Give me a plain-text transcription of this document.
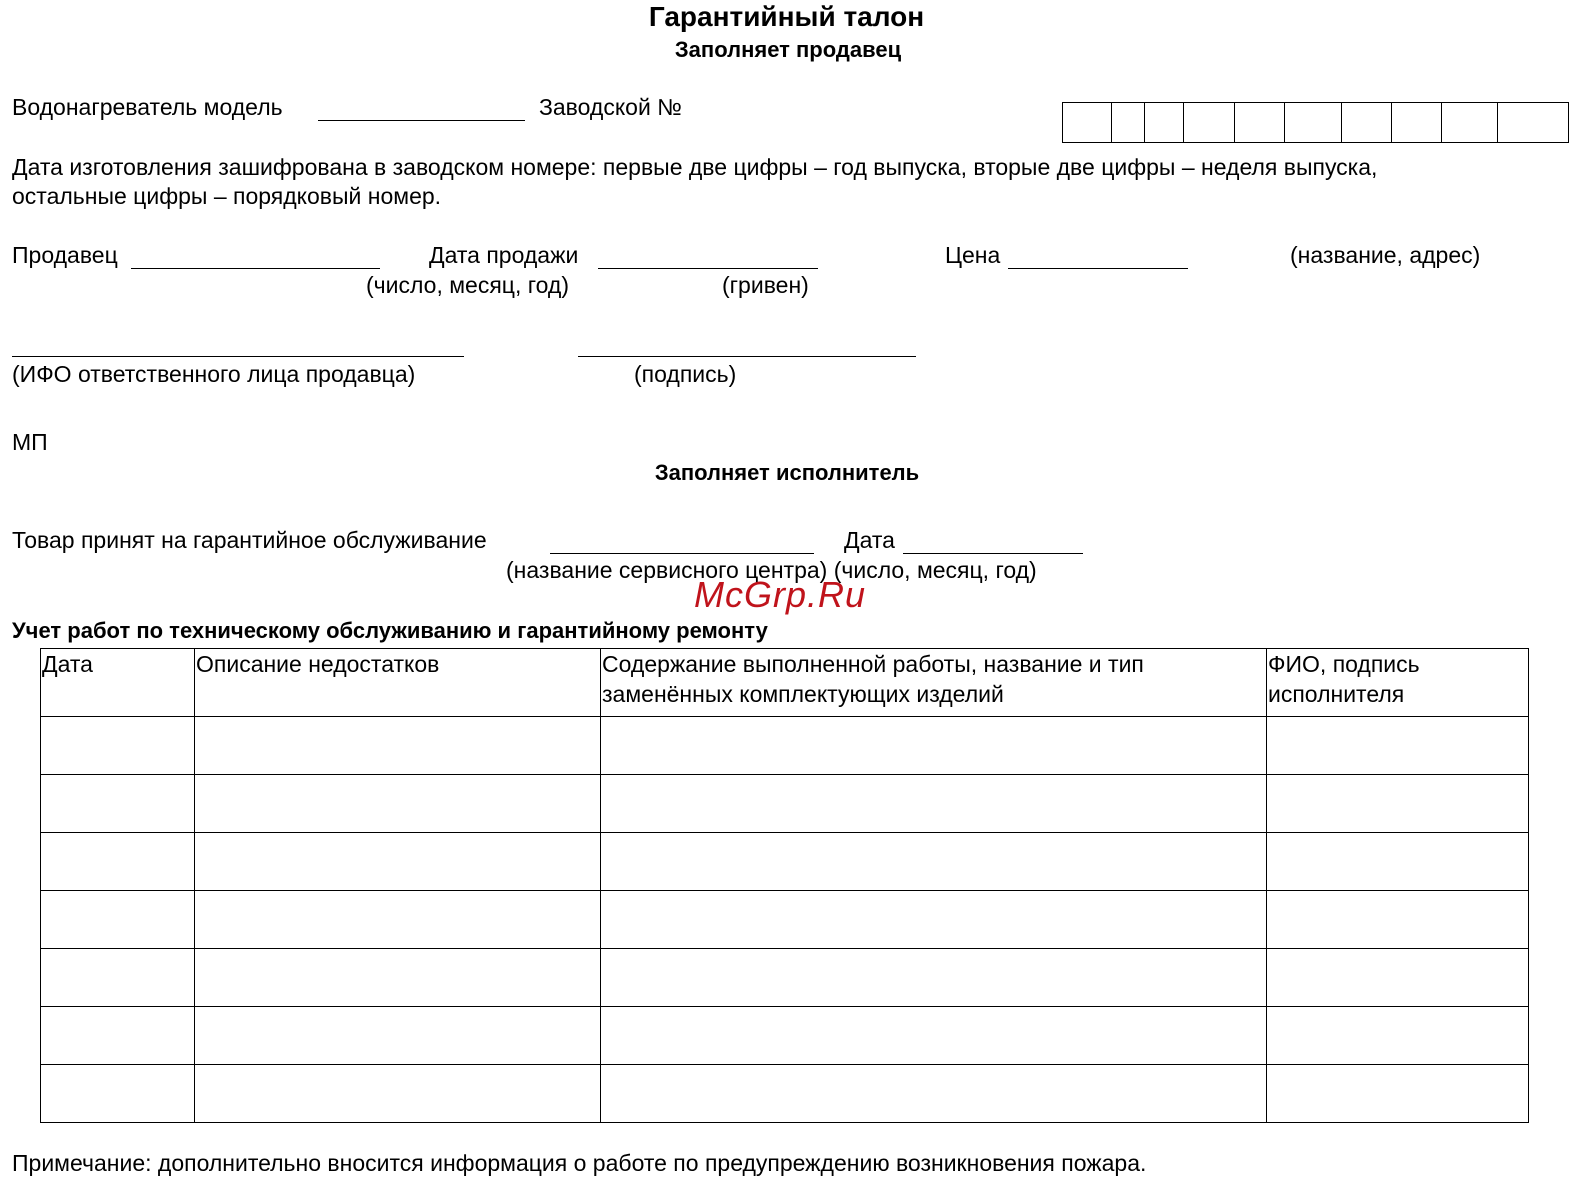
Гарантийный талон
Заполняет продавец
Водонагреватель модель	Заводской №
Дата изготовления зашифрована в заводском номере: первые две цифры – год выпуска, вторые две цифры – неделя выпуска,
остальные цифры – порядковый номер.
Продавец	Дата продажи	Цена	(название, адрес)
(число, месяц, год)	(гривен)
(ИФО ответственного лица продавца)	(подпись)
МП
Заполняет исполнитель
Товар принят на гарантийное обслуживание	Дата
(название сервисного центра) (число, месяц, год)
McGrp.Ru
Учет работ по техническому обслуживанию и гарантийному ремонту
Дата	Описание недостатков	Содержание выполненной работы, название и тип заменённых комплектующих изделий	ФИО, подпись исполнителя

Примечание: дополнительно вносится информация о работе по предупреждению возникновения пожара.
